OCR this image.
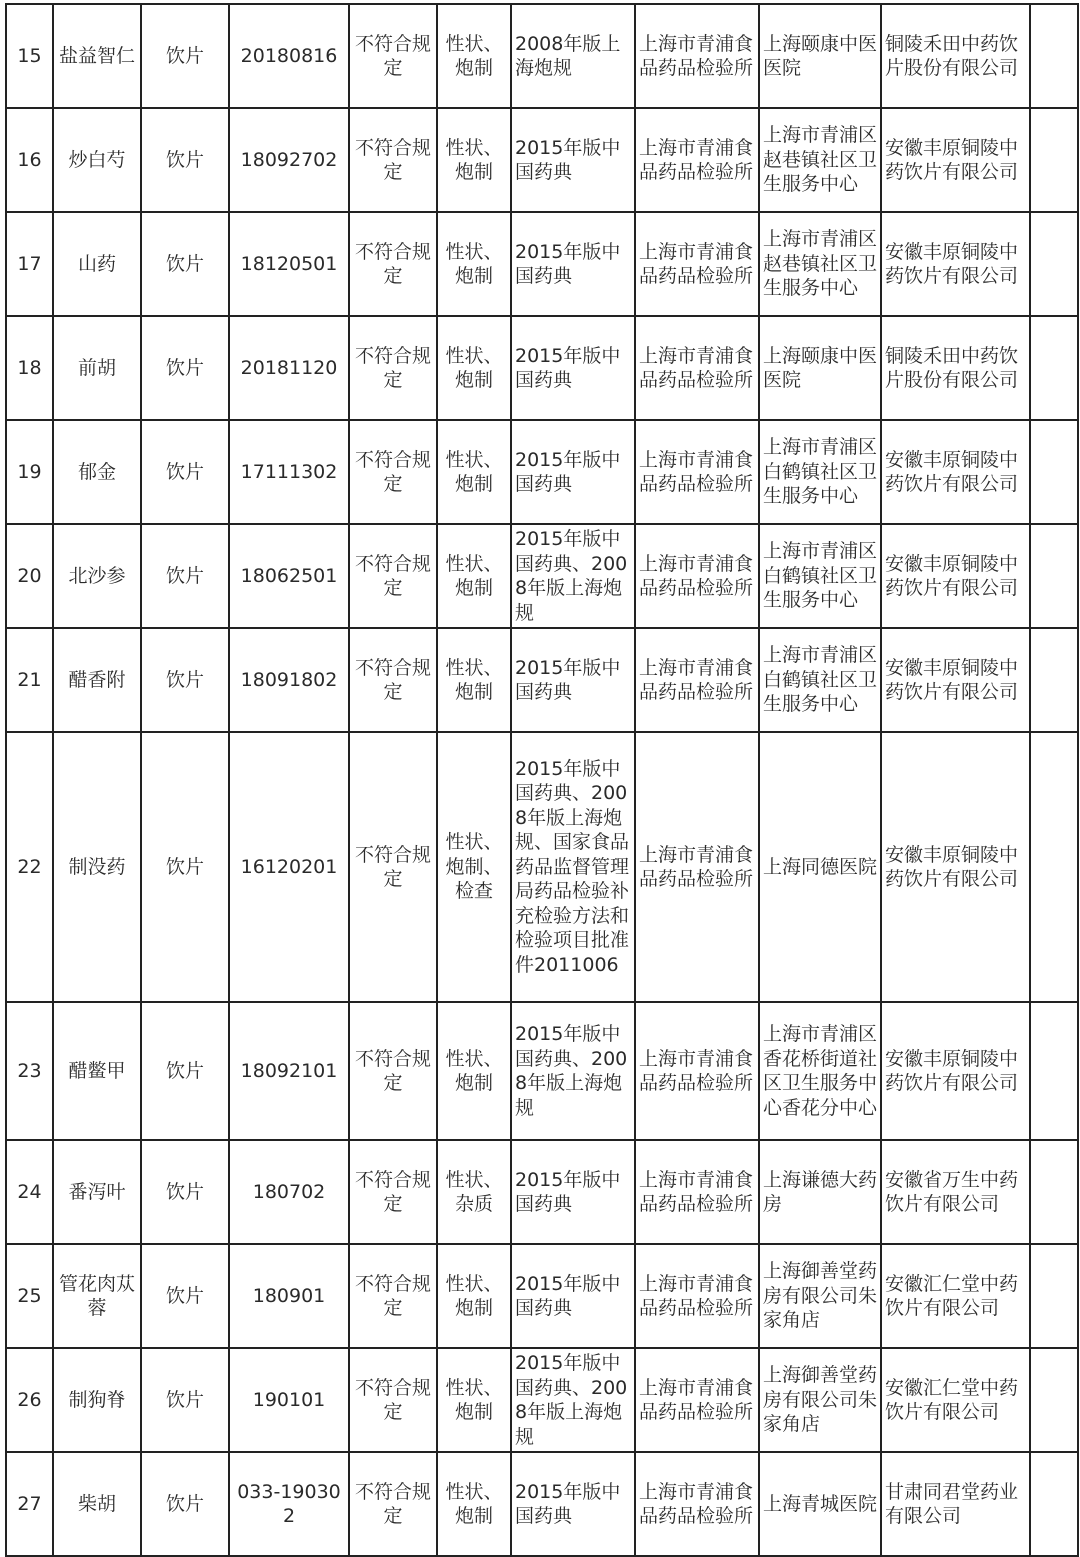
15	盐益智仁	饮片	20180816	不符合规定	性状、炮制	2008年版上海炮规	上海市青浦食品药品检验所	上海颐康中医医院	铜陵禾田中药饮片股份有限公司	
16	炒白芍	饮片	18092702	不符合规定	性状、炮制	2015年版中国药典	上海市青浦食品药品检验所	上海市青浦区赵巷镇社区卫生服务中心	安徽丰原铜陵中药饮片有限公司	
17	山药	饮片	18120501	不符合规定	性状、炮制	2015年版中国药典	上海市青浦食品药品检验所	上海市青浦区赵巷镇社区卫生服务中心	安徽丰原铜陵中药饮片有限公司	
18	前胡	饮片	20181120	不符合规定	性状、炮制	2015年版中国药典	上海市青浦食品药品检验所	上海颐康中医医院	铜陵禾田中药饮片股份有限公司	
19	郁金	饮片	17111302	不符合规定	性状、炮制	2015年版中国药典	上海市青浦食品药品检验所	上海市青浦区白鹤镇社区卫生服务中心	安徽丰原铜陵中药饮片有限公司	
20	北沙参	饮片	18062501	不符合规定	性状、炮制	2015年版中国药典、2008年版上海炮规	上海市青浦食品药品检验所	上海市青浦区白鹤镇社区卫生服务中心	安徽丰原铜陵中药饮片有限公司	
21	醋香附	饮片	18091802	不符合规定	性状、炮制	2015年版中国药典	上海市青浦食品药品检验所	上海市青浦区白鹤镇社区卫生服务中心	安徽丰原铜陵中药饮片有限公司	
22	制没药	饮片	16120201	不符合规定	性状、炮制、检查	2015年版中国药典、2008年版上海炮规、国家食品药品监督管理局药品检验补充检验方法和检验项目批准件2011006	上海市青浦食品药品检验所	上海同德医院	安徽丰原铜陵中药饮片有限公司	
23	醋鳖甲	饮片	18092101	不符合规定	性状、炮制	2015年版中国药典、2008年版上海炮规	上海市青浦食品药品检验所	上海市青浦区香花桥街道社区卫生服务中心香花分中心	安徽丰原铜陵中药饮片有限公司	
24	番泻叶	饮片	180702	不符合规定	性状、杂质	2015年版中国药典	上海市青浦食品药品检验所	上海谦德大药房	安徽省万生中药饮片有限公司	
25	管花肉苁蓉	饮片	180901	不符合规定	性状、炮制	2015年版中国药典	上海市青浦食品药品检验所	上海御善堂药房有限公司朱家角店	安徽汇仁堂中药饮片有限公司	
26	制狗脊	饮片	190101	不符合规定	性状、炮制	2015年版中国药典、2008年版上海炮规	上海市青浦食品药品检验所	上海御善堂药房有限公司朱家角店	安徽汇仁堂中药饮片有限公司	
27	柴胡	饮片	033-190302	不符合规定	性状、炮制	2015年版中国药典	上海市青浦食品药品检验所	上海青城医院	甘肃同君堂药业有限公司	
